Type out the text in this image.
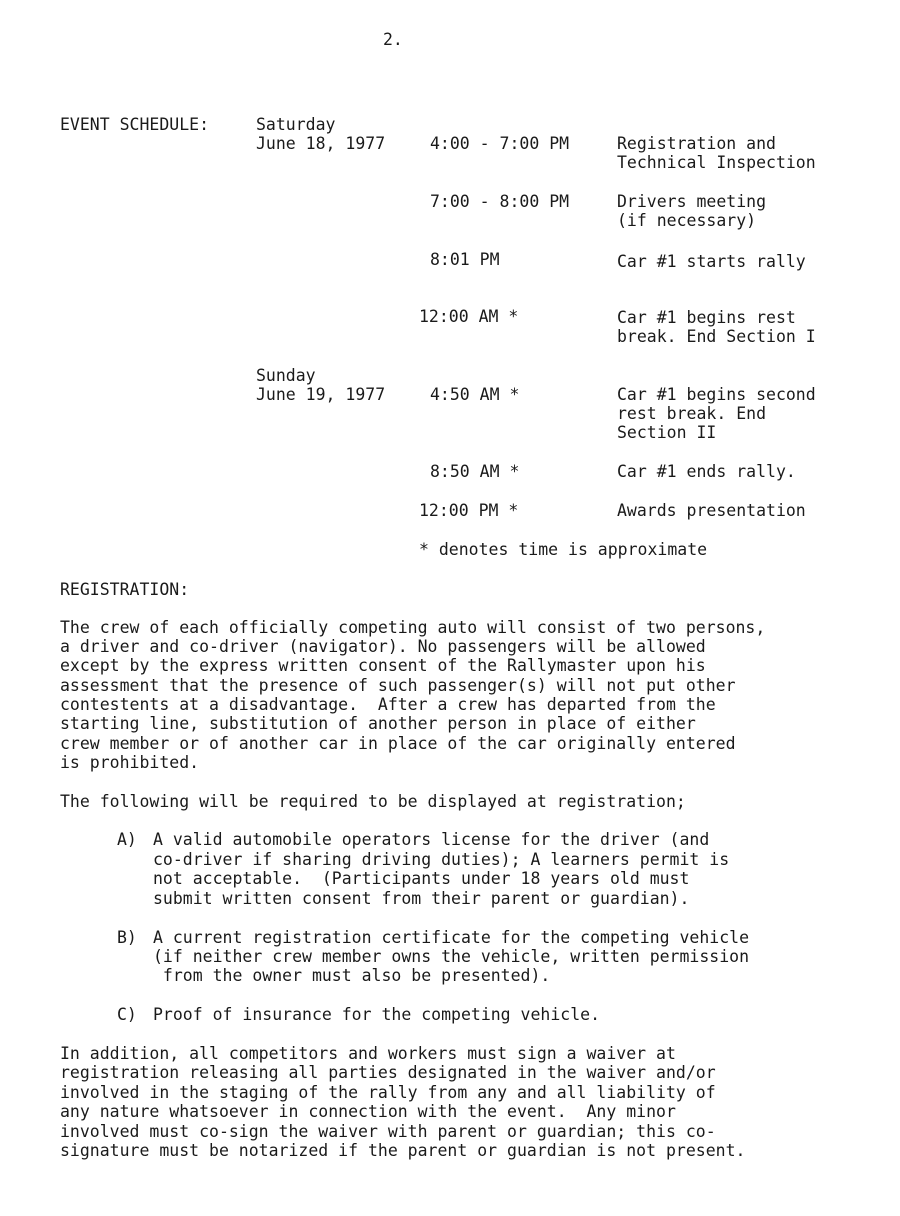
2.
EVENT SCHEDULE:	Saturday
June 18, 1977	4:00 - 7:00 PM	Registration and
Technical Inspection
7:00 - 8:00 PM	Drivers meeting
(if necessary)
8:01 PM	Car #1 starts rally
12:00 AM *	Car #1 begins rest
break. End Section I
Sunday
June 19, 1977	4:50 AM *	Car #1 begins second
rest break. End
Section II
8:50 AM *	Car #1 ends rally.
12:00 PM *	Awards presentation
* denotes time is approximate
REGISTRATION:
The crew of each officially competing auto will consist of two persons,
a driver and co-driver (navigator). No passengers will be allowed
except by the express written consent of the Rallymaster upon his
assessment that the presence of such passenger(s) will not put other
contestents at a disadvantage.  After a crew has departed from the
starting line, substitution of another person in place of either
crew member or of another car in place of the car originally entered
is prohibited.
The following will be required to be displayed at registration;
A) A valid automobile operators license for the driver (and
co-driver if sharing driving duties); A learners permit is
not acceptable.  (Participants under 18 years old must
submit written consent from their parent or guardian).
B) A current registration certificate for the competing vehicle
(if neither crew member owns the vehicle, written permission
from the owner must also be presented).
C) Proof of insurance for the competing vehicle.
In addition, all competitors and workers must sign a waiver at
registration releasing all parties designated in the waiver and/or
involved in the staging of the rally from any and all liability of
any nature whatsoever in connection with the event.  Any minor
involved must co-sign the waiver with parent or guardian; this co-
signature must be notarized if the parent or guardian is not present.
